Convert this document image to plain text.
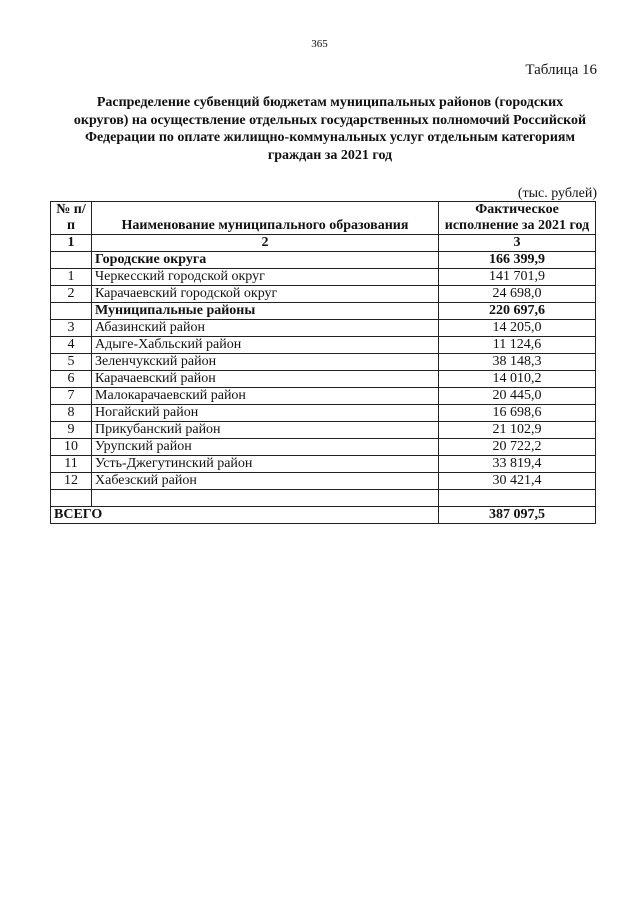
365
Таблица 16
Распределение субвенций бюджетам муниципальных районов (городских округов) на осуществление отдельных государственных полномочий Российской Федерации по оплате жилищно-коммунальных услуг отдельным категориям граждан за 2021 год
(тыс. рублей)
№ п/п	Наименование муниципального образования	Фактическое исполнение за 2021 год
1	2	3
	Городские округа	166 399,9
1	Черкесский городской округ	141 701,9
2	Карачаевский городской округ	24 698,0
	Муниципальные районы	220 697,6
3	Абазинский район	14 205,0
4	Адыге-Хабльский район	11 124,6
5	Зеленчукский район	38 148,3
6	Карачаевский район	14 010,2
7	Малокарачаевский район	20 445,0
8	Ногайский район	16 698,6
9	Прикубанский район	21 102,9
10	Урупский район	20 722,2
11	Усть-Джегутинский район	33 819,4
12	Хабезский район	30 421,4

ВСЕГО		387 097,5
